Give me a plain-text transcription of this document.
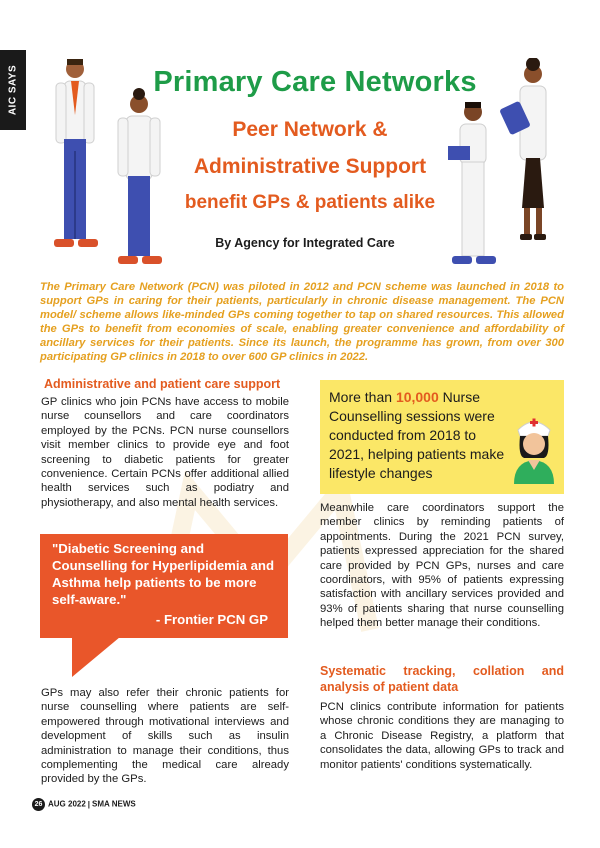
AIC SAYS	Primary Care Networks
Peer Network &
Administrative Support
benefit GPs & patients alike
By Agency for Integrated Care
The Primary Care Network (PCN) was piloted in 2012 and PCN scheme was launched in 2018 to support GPs in caring for their patients, particularly in chronic disease management. The PCN model/ scheme allows like-minded GPs coming together to tap on shared resources. This allowed the GPs to benefit from economies of scale, enabling greater convenience and affordability of ancillary services for their patients. Since its launch, the programme has grown, from over 300 participating GP clinics in 2018 to over 600 GP clinics in 2022.
Administrative and patient care support
GP clinics who join PCNs have access to mobile nurse counsellors and care coordinators employed by the PCNs. PCN nurse counsellors visit member clinics to provide eye and foot screening to diabetic patients for greater convenience. Certain PCNs offer additional allied health services such as podiatry and physiotherapy, and also mental health services.
"Diabetic Screening and Counselling for Hyperlipidemia and Asthma help patients to be more self-aware."
- Frontier PCN GP
GPs may also refer their chronic patients for nurse counselling where patients are self-empowered through motivational interviews and development of skills such as insulin administration to manage their conditions, thus complementing the medical care already provided by the GPs.
More than 10,000 Nurse Counselling sessions were conducted from 2018 to 2021, helping patients make lifestyle changes
Meanwhile care coordinators support the member clinics by reminding patients of appointments. During the 2021 PCN survey, patients expressed appreciation for the shared care provided by PCN GPs, nurses and care coordinators, with 95% of patients expressing satisfaction with ancillary services provided and 93% of patients sharing that nurse counselling helped them better manage their conditions.
Systematic tracking, collation and analysis of patient data
PCN clinics contribute information for patients whose chronic conditions they are managing to a Chronic Disease Registry, a platform that consolidates the data, allowing GPs to track and monitor patients' conditions systematically.
26 AUG 2022 | SMA NEWS
